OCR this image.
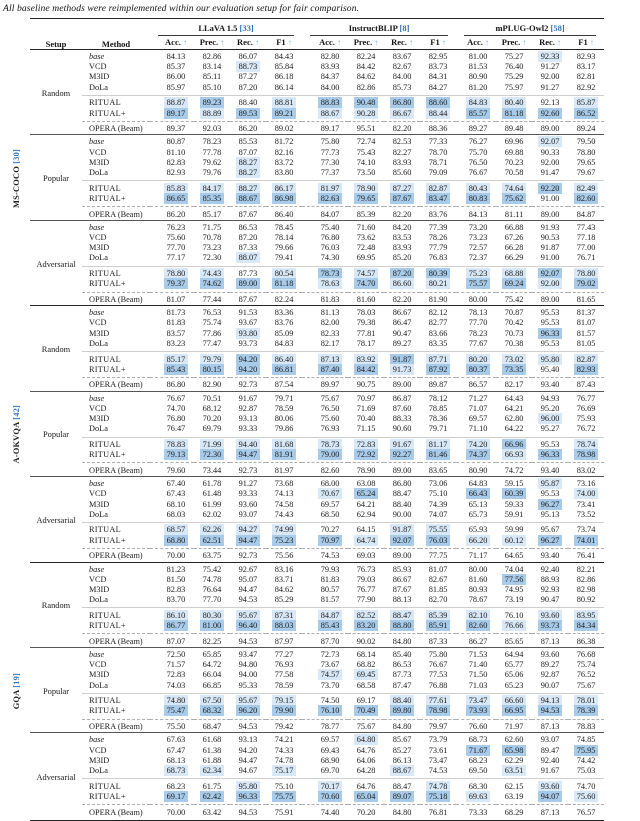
All baseline methods were reimplemented within our evaluation setup for fair comparison.
	Setup	Method	LLaVA 1.5 [33]				InstructBLIP [8]				mPLUG-Owl2 [58]			

			Acc. ↑	Prec. ↑	Rec. ↑	F1 ↑	Acc. ↑	Prec. ↑	Rec. ↑	F1 ↑	Acc. ↑	Prec. ↑	Rec. ↑	F1 ↑

MS-COCO [30]	Random	base	84.13	82.86	86.07	84.43	82.80	82.24	83.67	82.95	81.00	75.27	92.33	82.93
		VCD	85.37	83.14	88.73	85.84	83.93	84.42	82.67	83.73	81.53	76.40	91.27	83.17
		M3ID	86.00	85.11	87.27	86.18	84.37	84.62	84.00	84.31	80.90	75.29	92.00	82.81
		DoLa	85.97	85.10	87.20	86.14	84.00	82.86	85.73	84.27	81.20	75.97	91.27	82.92
		RITUAL	88.87	89.23	88.40	88.81	88.83	90.48	86.80	88.60	84.83	80.40	92.13	85.87
		RITUAL+	89.17	88.89	89.53	89.21	88.67	90.28	86.67	88.44	85.57	81.18	92.60	86.52
		OPERA (Beam)	89.37	92.03	86.20	89.02	89.17	95.51	82.20	88.36	89.27	89.48	89.00	89.24
	Popular	base	80.87	78.23	85.53	81.72	75.80	72.74	82.53	77.33	76.27	69.96	92.07	79.50
		VCD	81.10	77.78	87.07	82.16	77.73	75.43	82.27	78.70	75.70	69.88	90.33	78.80
		M3ID	82.83	79.62	88.27	83.72	77.30	74.10	83.93	78.71	76.50	70.23	92.00	79.65
		DoLa	82.93	79.76	88.27	83.80	77.37	73.50	85.60	79.09	76.67	70.58	91.47	79.67
		RITUAL	85.83	84.17	88.27	86.17	81.97	78.90	87.27	82.87	80.43	74.64	92.20	82.49
		RITUAL+	86.65	85.35	88.67	86.98	82.63	79.65	87.67	83.47	80.83	75.62	91.00	82.60
		OPERA (Beam)	86.20	85.17	87.67	86.40	84.07	85.39	82.20	83.76	84.13	81.11	89.00	84.87
	Adversarial	base	76.23	71.75	86.53	78.45	75.40	71.60	84.20	77.39	73.20	66.88	91.93	77.43
		VCD	75.60	70.78	87.20	78.14	76.80	73.62	83.53	78.26	73.23	67.26	90.53	77.18
		M3ID	77.70	73.23	87.33	79.66	76.03	72.48	83.93	77.79	72.57	66.28	91.87	77.00
		DoLa	77.17	72.30	88.07	79.41	74.30	69.95	85.20	76.83	72.37	66.29	91.00	76.71
		RITUAL	78.80	74.43	87.73	80.54	78.73	74.57	87.20	80.39	75.23	68.88	92.07	78.80
		RITUAL+	79.37	74.62	89.00	81.18	78.63	74.70	86.60	80.21	75.57	69.24	92.00	79.02
		OPERA (Beam)	81.07	77.44	87.67	82.24	81.83	81.60	82.20	81.90	80.00	75.42	89.00	81.65

A-OKVQA [42]	Random	base	81.73	76.53	91.53	83.36	81.13	78.03	86.67	82.12	78.13	70.87	95.53	81.37
		VCD	81.83	75.74	93.67	83.76	82.00	79.38	86.47	82.77	77.70	70.42	95.53	81.07
		M3ID	83.57	77.86	93.80	85.09	82.33	77.81	90.47	83.66	78.23	70.73	96.33	81.57
		DoLa	83.23	77.47	93.73	84.83	82.17	78.17	89.27	83.35	77.67	70.38	95.53	81.05
		RITUAL	85.17	79.79	94.20	86.40	87.13	83.92	91.87	87.71	80.20	73.02	95.80	82.87
		RITUAL+	85.43	80.15	94.20	86.81	87.40	84.42	91.73	87.92	80.37	73.35	95.40	82.93
		OPERA (Beam)	86.80	82.90	92.73	87.54	89.97	90.75	89.00	89.87	86.57	82.17	93.40	87.43
	Popular	base	76.67	70.51	91.67	79.71	75.67	70.97	86.87	78.12	71.27	64.43	94.93	76.77
		VCD	74.70	68.12	92.87	78.59	76.50	71.69	87.60	78.85	71.07	64.21	95.20	76.69
		M3ID	76.80	70.20	93.13	80.06	75.60	70.40	88.33	78.36	69.57	62.80	96.00	75.93
		DoLa	76.47	69.79	93.33	79.86	76.93	71.15	90.60	79.71	71.10	64.22	95.27	76.72
		RITUAL	78.83	71.99	94.40	81.68	78.73	72.83	91.67	81.17	74.20	66.96	95.53	78.74
		RITUAL+	79.13	72.30	94.47	81.91	79.00	72.92	92.27	81.46	74.37	66.93	96.33	78.98
		OPERA (Beam)	79.60	73.44	92.73	81.97	82.60	78.90	89.00	83.65	80.90	74.72	93.40	83.02
	Adversarial	base	67.40	61.78	91.27	73.68	68.00	63.08	86.80	73.06	64.83	59.15	95.87	73.16
		VCD	67.43	61.48	93.33	74.13	70.67	65.24	88.47	75.10	66.43	60.39	95.53	74.00
		M3ID	68.10	61.99	93.60	74.58	69.57	64.21	88.40	74.39	65.13	59.33	96.27	73.41
		DoLa	68.03	62.02	93.07	74.43	68.50	62.94	90.00	74.07	65.73	59.91	95.13	73.52
		RITUAL	68.57	62.26	94.27	74.99	70.27	64.15	91.87	75.55	65.93	59.99	95.67	73.74
		RITUAL+	68.80	62.51	94.47	75.23	70.97	64.74	92.07	76.03	66.20	60.12	96.27	74.01
		OPERA (Beam)	70.00	63.75	92.73	75.56	74.53	69.03	89.00	77.75	71.17	64.65	93.40	76.41

GQA [19]	Random	base	81.23	75.42	92.67	83.16	79.93	76.73	85.93	81.07	80.00	74.04	92.40	82.21
		VCD	81.50	74.78	95.07	83.71	81.83	79.03	86.67	82.67	81.60	77.56	88.93	82.86
		M3ID	82.83	76.64	94.47	84.62	80.57	76.77	87.67	81.85	80.93	74.95	92.93	82.98
		DoLa	83.70	77.70	94.53	85.29	81.57	77.90	88.13	82.70	78.67	73.19	90.47	80.92
		RITUAL	86.10	80.30	95.67	87.31	84.87	82.52	88.47	85.39	82.10	76.10	93.60	83.95
		RITUAL+	86.77	81.00	96.40	88.03	85.43	83.20	88.80	85.91	82.60	76.66	93.73	84.34
		OPERA (Beam)	87.07	82.25	94.53	87.97	87.70	90.02	84.80	87.33	86.27	85.65	87.13	86.38
	Popular	base	72.50	65.85	93.47	77.27	72.73	68.14	85.40	75.80	71.53	64.94	93.60	76.68
		VCD	71.57	64.72	94.80	76.93	73.67	68.82	86.53	76.67	71.40	65.77	89.27	75.74
		M3ID	72.83	66.04	94.00	77.58	74.57	69.45	87.73	77.53	71.50	65.06	92.87	76.52
		DoLa	74.03	66.85	95.33	78.59	73.70	68.58	87.47	76.88	71.03	65.23	90.07	75.67
		RITUAL	74.80	67.50	95.67	79.15	74.50	69.17	88.40	77.61	73.47	66.60	94.13	78.01
		RITUAL+	75.47	68.32	96.20	79.90	76.10	70.49	89.80	78.98	73.93	66.95	94.53	78.39
		OPERA (Beam)	75.50	68.47	94.53	79.42	78.77	75.67	84.80	79.97	76.60	71.97	87.13	78.83
	Adversarial	base	67.63	61.68	93.13	74.21	69.57	64.80	85.67	73.79	68.73	62.60	93.07	74.85
		VCD	67.47	61.38	94.20	74.33	69.43	64.76	85.27	73.61	71.67	65.98	89.47	75.95
		M3ID	68.13	61.88	94.47	74.78	68.90	64.06	86.13	73.47	68.23	62.29	92.40	74.42
		DoLa	68.73	62.34	94.67	75.17	69.70	64.28	88.67	74.53	69.50	63.51	91.67	75.03
		RITUAL	68.23	61.75	95.80	75.10	70.17	64.76	88.47	74.78	68.30	62.15	93.60	74.70
		RITUAL+	69.17	62.42	96.33	75.75	70.60	65.04	89.07	75.18	69.63	63.19	94.07	75.60
		OPERA (Beam)	70.00	63.42	94.53	75.91	74.40	70.20	84.80	76.81	73.33	68.29	87.13	76.57
